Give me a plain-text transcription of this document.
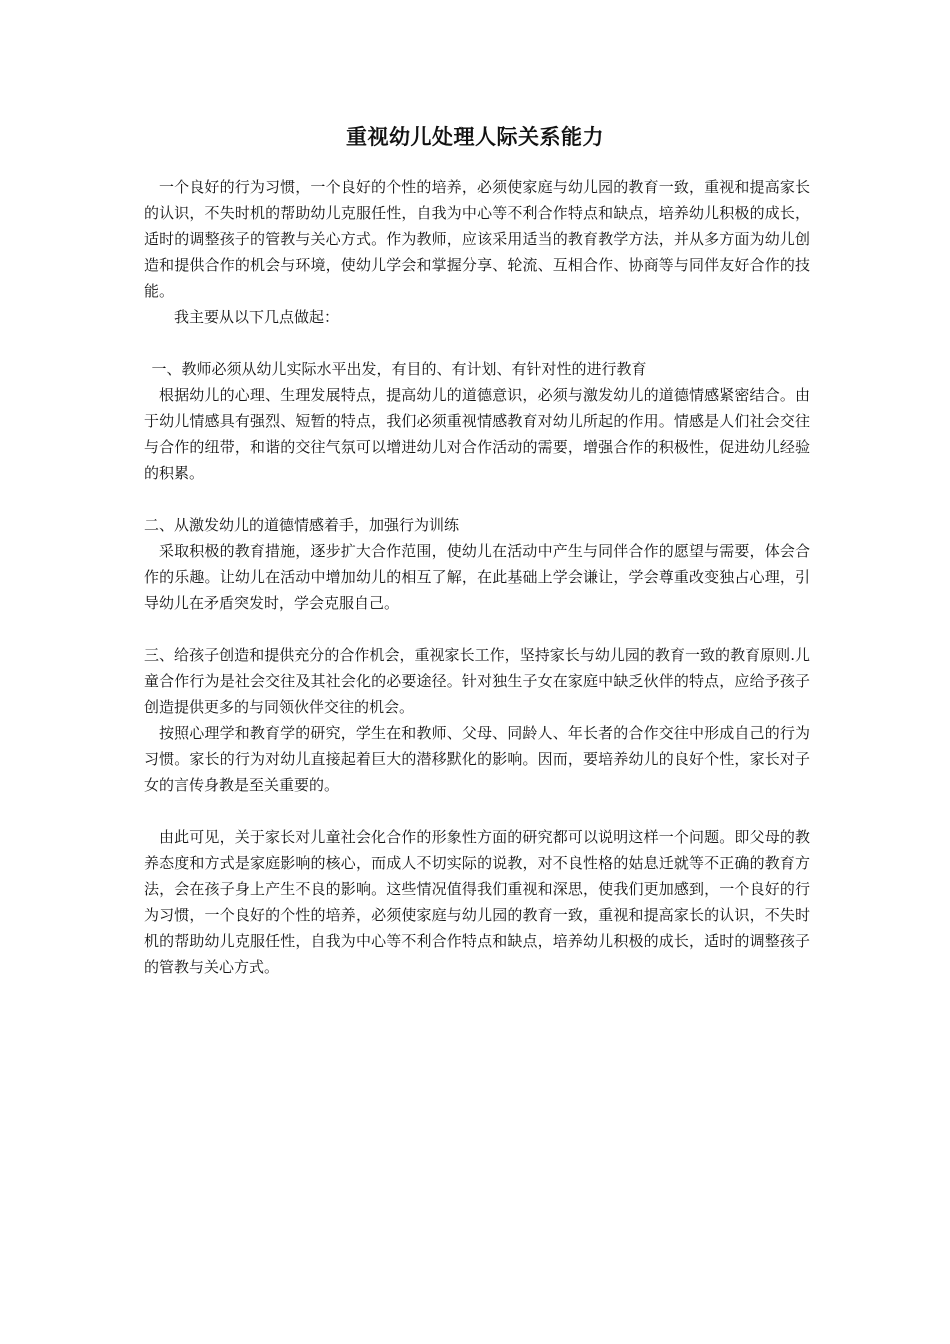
重视幼儿处理人际关系能力

一个良好的行为习惯，一个良好的个性的培养，必须使家庭与幼儿园的教育一致，重视和提高家长的认识，不失时机的帮助幼儿克服任性，自我为中心等不利合作特点和缺点，培养幼儿积极的成长，适时的调整孩子的管教与关心方式。作为教师，应该采用适当的教育教学方法，并从多方面为幼儿创造和提供合作的机会与环境，使幼儿学会和掌握分享、轮流、互相合作、协商等与同伴友好合作的技能。

我主要从以下几点做起：

一、教师必须从幼儿实际水平出发，有目的、有计划、有针对性的进行教育

根据幼儿的心理、生理发展特点，提高幼儿的道德意识，必须与激发幼儿的道德情感紧密结合。由于幼儿情感具有强烈、短暂的特点，我们必须重视情感教育对幼儿所起的作用。情感是人们社会交往与合作的纽带，和谐的交往气氛可以增进幼儿对合作活动的需要，增强合作的积极性，促进幼儿经验的积累。

二、从激发幼儿的道德情感着手，加强行为训练

采取积极的教育措施，逐步扩大合作范围，使幼儿在活动中产生与同伴合作的愿望与需要，体会合作的乐趣。让幼儿在活动中增加幼儿的相互了解，在此基础上学会谦让，学会尊重改变独占心理，引导幼儿在矛盾突发时，学会克服自己。

三、给孩子创造和提供充分的合作机会，重视家长工作，坚持家长与幼儿园的教育一致的教育原则.儿童合作行为是社会交往及其社会化的必要途径。针对独生子女在家庭中缺乏伙伴的特点，应给予孩子创造提供更多的与同领伙伴交往的机会。

按照心理学和教育学的研究，学生在和教师、父母、同龄人、年长者的合作交往中形成自己的行为习惯。家长的行为对幼儿直接起着巨大的潜移默化的影响。因而，要培养幼儿的良好个性，家长对子女的言传身教是至关重要的。

由此可见，关于家长对儿童社会化合作的形象性方面的研究都可以说明这样一个问题。即父母的教养态度和方式是家庭影响的核心，而成人不切实际的说教，对不良性格的姑息迁就等不正确的教育方法，会在孩子身上产生不良的影响。这些情况值得我们重视和深思，使我们更加感到，一个良好的行为习惯，一个良好的个性的培养，必须使家庭与幼儿园的教育一致，重视和提高家长的认识，不失时机的帮助幼儿克服任性，自我为中心等不利合作特点和缺点，培养幼儿积极的成长，适时的调整孩子的管教与关心方式。
